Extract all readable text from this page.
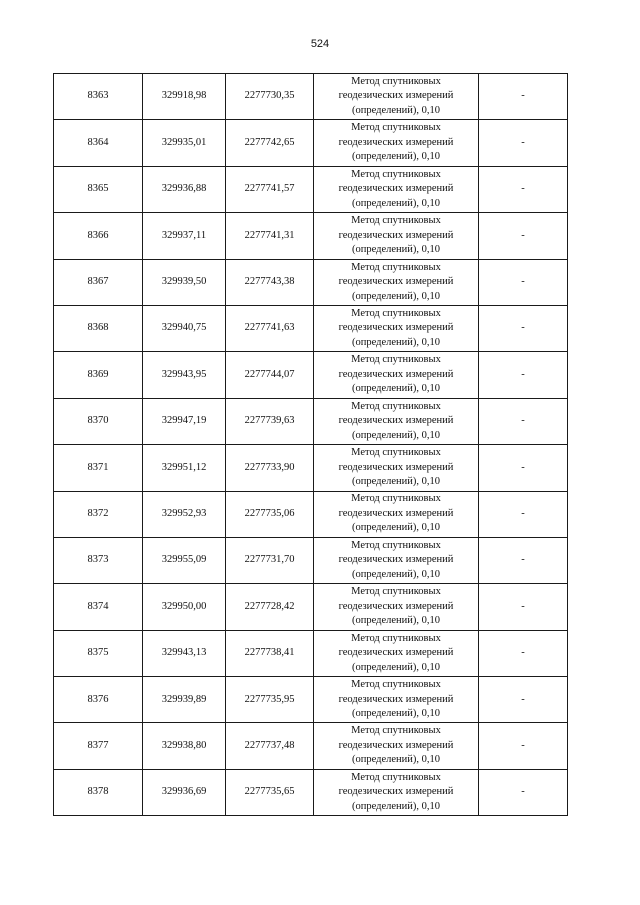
524
8363	329918,98	2277730,35	Метод спутниковых
геодезических измерений
(определений), 0,10	-
8364	329935,01	2277742,65	Метод спутниковых
геодезических измерений
(определений), 0,10	-
8365	329936,88	2277741,57	Метод спутниковых
геодезических измерений
(определений), 0,10	-
8366	329937,11	2277741,31	Метод спутниковых
геодезических измерений
(определений), 0,10	-
8367	329939,50	2277743,38	Метод спутниковых
геодезических измерений
(определений), 0,10	-
8368	329940,75	2277741,63	Метод спутниковых
геодезических измерений
(определений), 0,10	-
8369	329943,95	2277744,07	Метод спутниковых
геодезических измерений
(определений), 0,10	-
8370	329947,19	2277739,63	Метод спутниковых
геодезических измерений
(определений), 0,10	-
8371	329951,12	2277733,90	Метод спутниковых
геодезических измерений
(определений), 0,10	-
8372	329952,93	2277735,06	Метод спутниковых
геодезических измерений
(определений), 0,10	-
8373	329955,09	2277731,70	Метод спутниковых
геодезических измерений
(определений), 0,10	-
8374	329950,00	2277728,42	Метод спутниковых
геодезических измерений
(определений), 0,10	-
8375	329943,13	2277738,41	Метод спутниковых
геодезических измерений
(определений), 0,10	-
8376	329939,89	2277735,95	Метод спутниковых
геодезических измерений
(определений), 0,10	-
8377	329938,80	2277737,48	Метод спутниковых
геодезических измерений
(определений), 0,10	-
8378	329936,69	2277735,65	Метод спутниковых
геодезических измерений
(определений), 0,10	-
